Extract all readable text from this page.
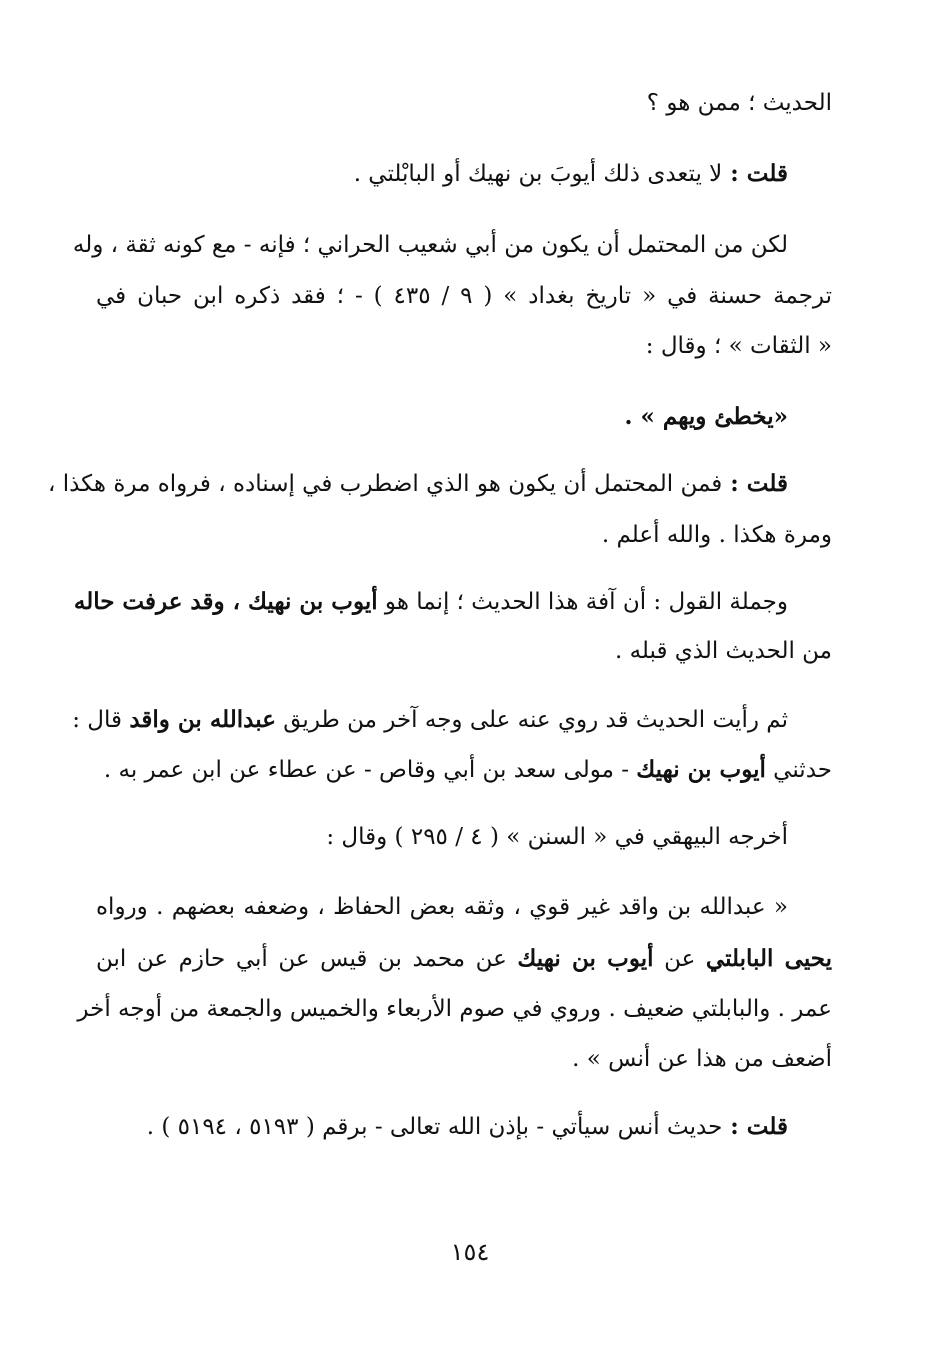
الحديث ؛ ممن هو ؟
قلت : لا يتعدى ذلك أيوبَ بن نهيك أو البابْلتي .
لكن من المحتمل أن يكون من أبي شعيب الحراني ؛ فإنه - مع كونه ثقة ، وله
ترجمة حسنة في « تاريخ بغداد » ( ٩ / ٤٣٥ ) - ؛ فقد ذكره ابن حبان في
« الثقات » ؛ وقال :
«يخطئ ويهم » .
قلت : فمن المحتمل أن يكون هو الذي اضطرب في إسناده ، فرواه مرة هكذا ،
ومرة هكذا . والله أعلم .
وجملة القول : أن آفة هذا الحديث ؛ إنما هو أيوب بن نهيك ، وقد عرفت حاله
من الحديث الذي قبله .
ثم رأيت الحديث قد روي عنه على وجه آخر من طريق عبدالله بن واقد قال :
حدثني أيوب بن نهيك - مولى سعد بن أبي وقاص - عن عطاء عن ابن عمر به .
أخرجه البيهقي في « السنن » ( ٤ / ٢٩٥ ) وقال :
« عبدالله بن واقد غير قوي ، وثقه بعض الحفاظ ، وضعفه بعضهم . ورواه
يحيى البابلتي عن أيوب بن نهيك عن محمد بن قيس عن أبي حازم عن ابن
عمر . والبابلتي ضعيف . وروي في صوم الأربعاء والخميس والجمعة من أوجه أخر
أضعف من هذا عن أنس » .
قلت : حديث أنس سيأتي - بإذن الله تعالى - برقم ( ٥١٩٣ ، ٥١٩٤ ) .
١٥٤
